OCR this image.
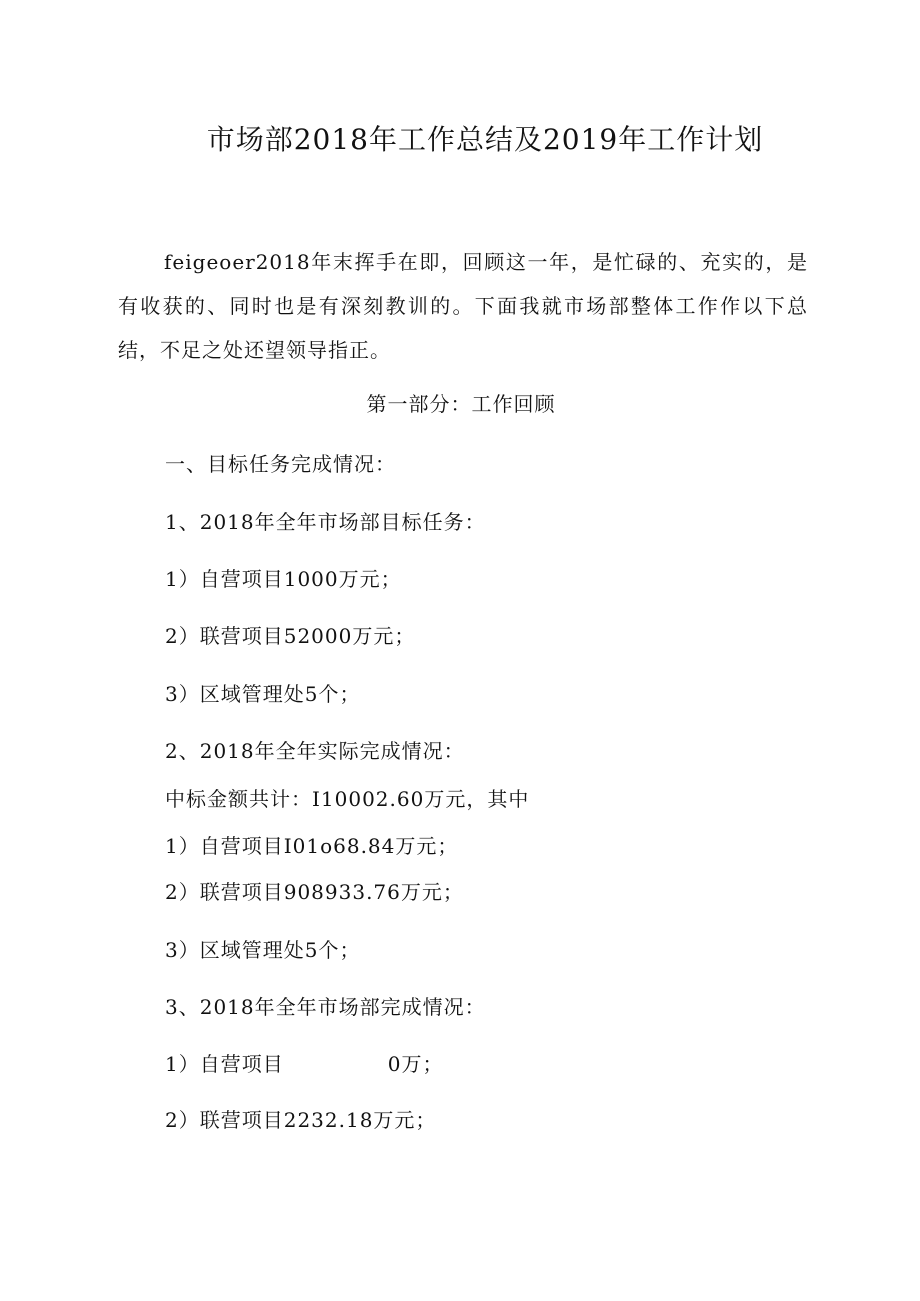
市场部2018年工作总结及2019年工作计划
feigeoer2018年末挥手在即，回顾这一年，是忙碌的、充实的，是有收获的、同时也是有深刻教训的。下面我就市场部整体工作作以下总结，不足之处还望领导指正。
第一部分：工作回顾
一、目标任务完成情况：
1、2018年全年市场部目标任务：
1）自营项目1000万元；
2）联营项目52000万元；
3）区域管理处5个；
2、2018年全年实际完成情况：
中标金额共计：I10002.60万元，其中
1）自营项目I01o68.84万元；
2）联营项目908933.76万元；
3）区域管理处5个；
3、2018年全年市场部完成情况：
1）自营项目	0万；
2）联营项目2232.18万元；
